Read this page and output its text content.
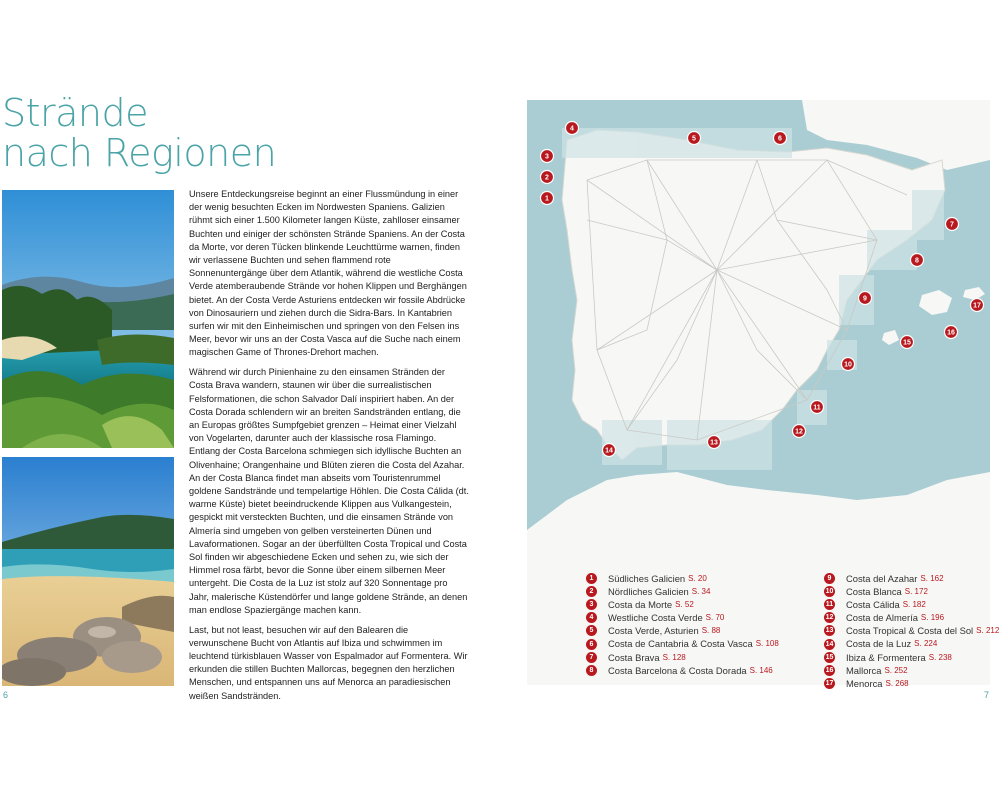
Strände
nach Regionen

Unsere Entdeckungsreise beginnt an einer Flussmündung in einer der wenig besuchten Ecken im Nordwesten Spaniens. Galizien rühmt sich einer 1.500 Kilometer langen Küste, zahlloser einsamer Buchten und einiger der schönsten Strände Spaniens. An der Costa da Morte, vor deren Tücken blinkende Leuchttürme warnen, finden wir verlassene Buchten und sehen flammend rote Sonnenuntergänge über dem Atlantik, während die westliche Costa Verde atemberaubende Strände vor hohen Klippen und Berghängen bietet. An der Costa Verde Asturiens entdecken wir fossile Abdrücke von Dinosauriern und ziehen durch die Sidra-Bars. In Kantabrien surfen wir mit den Einheimischen und springen von den Felsen ins Meer, bevor wir uns an der Costa Vasca auf die Suche nach einem magischen Game of Thrones-Drehort machen.

Während wir durch Pinienhaine zu den einsamen Stränden der Costa Brava wandern, staunen wir über die surrealistischen Felsformationen, die schon Salvador Dalí inspiriert haben. An der Costa Dorada schlendern wir an breiten Sandstränden entlang, die an Europas größtes Sumpfgebiet grenzen – Heimat einer Vielzahl von Vogelarten, darunter auch der klassische rosa Flamingo. Entlang der Costa Barcelona schmiegen sich idyllische Buchten an Olivenhaine; Orangenhaine und Blüten zieren die Costa del Azahar. An der Costa Blanca findet man abseits vom Touristenrummel goldene Sandstrände und tempelartige Höhlen. Die Costa Cálida (dt. warme Küste) bietet beeindruckende Klippen aus Vulkangestein, gespickt mit versteckten Buchten, und die einsamen Strände von Almería sind umgeben von gelben versteinerten Dünen und Lavaformationen. Sogar an der überfüllten Costa Tropical und Costa Sol finden wir abgeschiedene Ecken und sehen zu, wie sich der Himmel rosa färbt, bevor die Sonne über einem silbernen Meer untergeht. Die Costa de la Luz ist stolz auf 320 Sonnentage pro Jahr, malerische Küstendörfer und lange goldene Strände, an denen man endlose Spaziergänge machen kann.

Last, but not least, besuchen wir auf den Balearen die verwunschene Bucht von Atlantis auf Ibiza und schwimmen im leuchtend türkisblauen Wasser von Espalmador auf Formentera. Wir erkunden die stillen Buchten Mallorcas, begegnen den herzlichen Menschen, und entspannen uns auf Menorca an paradiesischen weißen Sandstränden.

1
2
3
4
5	6
7
8
9
10
11
12
13
14
15
16
17
1	Südliches Galicien S. 20
2	Nördliches Galicien S. 34
3	Costa da Morte S. 52
4	Westliche Costa Verde S. 70
5	Costa Verde, Asturien S. 88
6	Costa de Cantabria & Costa Vasca S. 108
7	Costa Brava S. 128
8	Costa Barcelona & Costa Dorada S. 146
9	Costa del Azahar S. 162
10 Costa Blanca S. 172
11 Costa Cálida S. 182
12 Costa de Almería S. 196
13 Costa Tropical & Costa del Sol S. 212
14 Costa de la Luz S. 224
15 Ibiza & Formentera S. 238
16 Mallorca S. 252
17 Menorca S. 268
6	7
